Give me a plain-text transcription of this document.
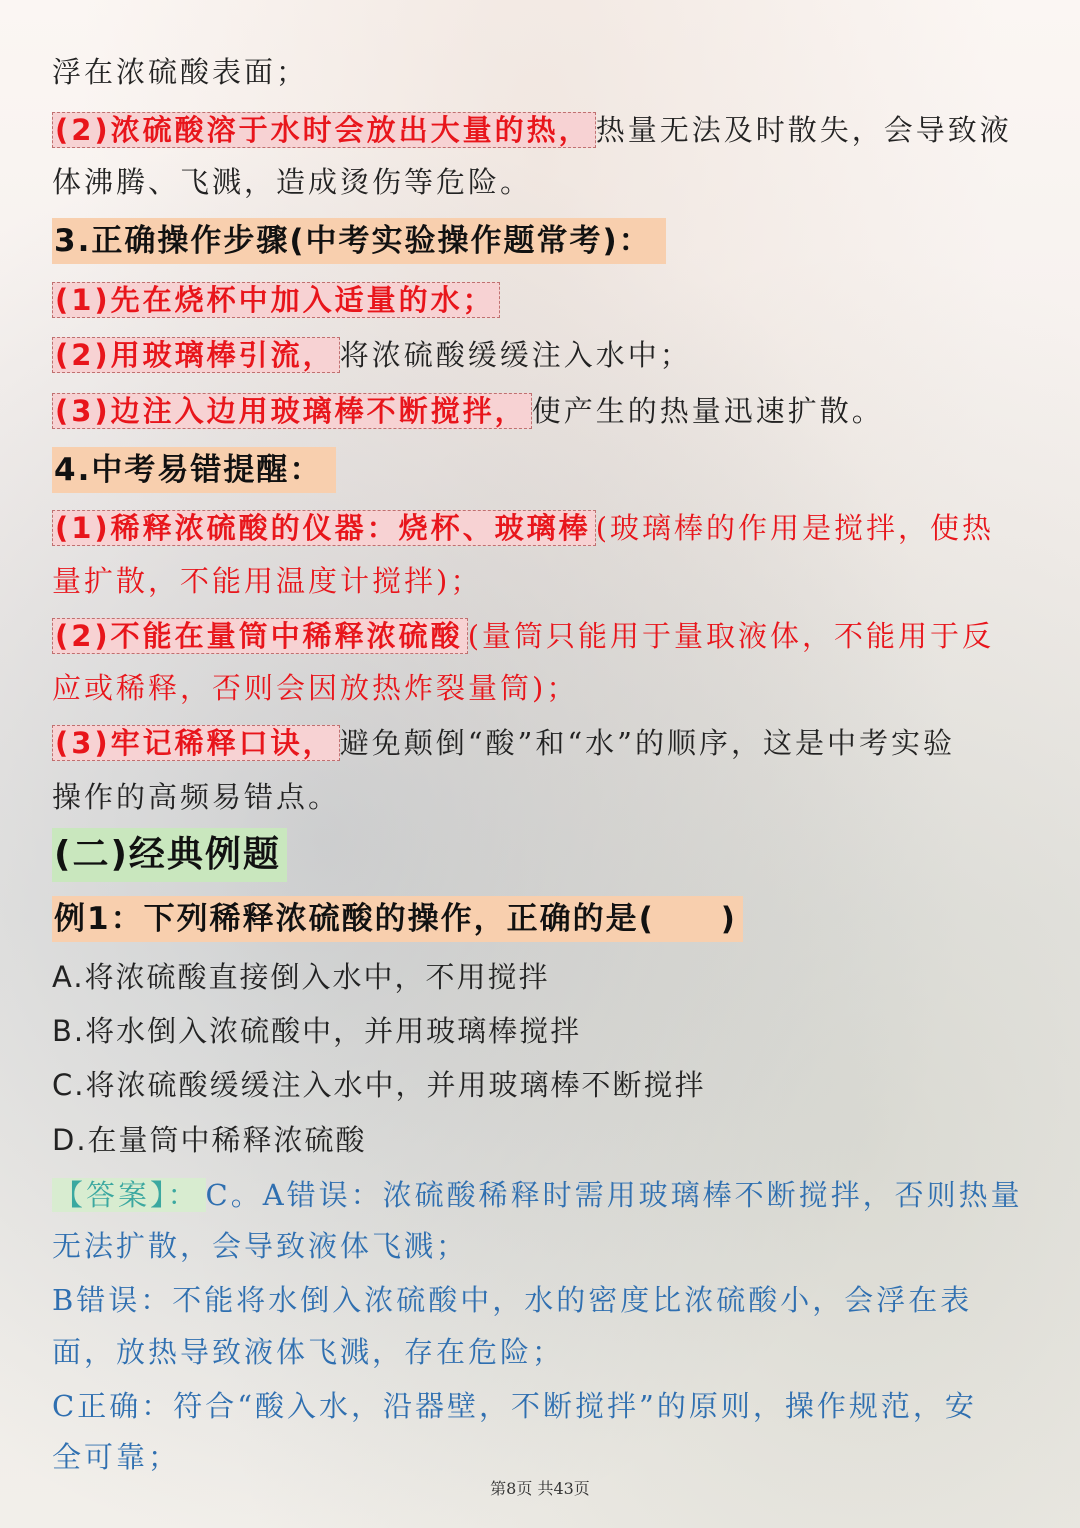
浮在浓硫酸表面；
(2)浓硫酸溶于水时会放出大量的热， 热量无法及时散失，会导致液
体沸腾、飞溅，造成烫伤等危险。
3.正确操作步骤(中考实验操作题常考)：
(1)先在烧杯中加入适量的水；
(2)用玻璃棒引流， 将浓硫酸缓缓注入水中；
(3)边注入边用玻璃棒不断搅拌， 使产生的热量迅速扩散。
4.中考易错提醒：
(1)稀释浓硫酸的仪器：烧杯、玻璃棒 (玻璃棒的作用是搅拌，使热
量扩散，不能用温度计搅拌)；
(2)不能在量筒中稀释浓硫酸 (量筒只能用于量取液体，不能用于反
应或稀释，否则会因放热炸裂量筒)；
(3)牢记稀释口诀， 避免颠倒“酸”和“水”的顺序，这是中考实验
操作的高频易错点。
(二)经典例题
例1：下列稀释浓硫酸的操作，正确的是(　　)
A.将浓硫酸直接倒入水中，不用搅拌
B.将水倒入浓硫酸中，并用玻璃棒搅拌
C.将浓硫酸缓缓注入水中，并用玻璃棒不断搅拌
D.在量筒中稀释浓硫酸
【答案】： C。A错误：浓硫酸稀释时需用玻璃棒不断搅拌，否则热量
无法扩散，会导致液体飞溅；
B错误：不能将水倒入浓硫酸中，水的密度比浓硫酸小，会浮在表
面，放热导致液体飞溅，存在危险；
C正确：符合“酸入水，沿器壁，不断搅拌”的原则，操作规范，安
全可靠；
第8页 共43页
